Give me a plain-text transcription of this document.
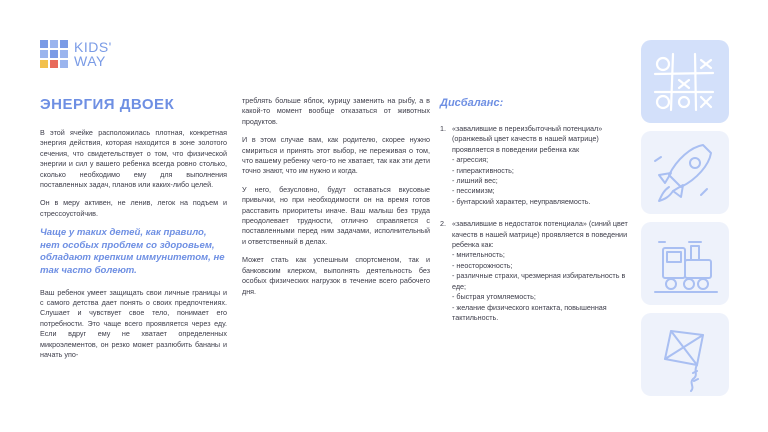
KIDS'
WAY
ЭНЕРГИЯ ДВОЕК

В этой ячейке расположилась плотная, конкретная энергия действия, которая находится в зоне золотого сечения, что свидетельствует о том, что физической энергии и сил у вашего ребенка всегда ровно столько, сколько необходимо ему для выполнения поставленных задач, планов или каких-либо целей.

Он в меру активен, не ленив, легок на подъем и стрессоустойчив.

Чаще у таких детей, как правило, нет особых проблем со здоровьем, обладают крепким иммунитетом, не так часто болеют.

Ваш ребенок умеет защищать свои личные границы и с самого детства дает понять о своих предпочтениях. Слушает и чувствует свое тело, понимает его потребности. Это чаще всего проявляется через еду. Если вдруг ему не хватает определенных микроэлементов, он резко может разлюбить бананы и начать упо-

треблять больше яблок, курицу заменить на рыбу, а в какой-то момент вообще отказаться от животных продуктов.

И в этом случае вам, как родителю, скорее нужно смириться и принять этот выбор, не переживая о том, что вашему ребенку чего-то не хватает, так как эти дети точно знают, что им нужно и когда.

У него, безусловно, будут оставаться вкусовые привычки, но при необходимости он на время готов расставить приоритеты иначе. Ваш малыш без труда преодолевает трудности, отлично справляется с поставленными перед ним задачами, исполнительный и ответственный в делах.

Может стать как успешным спортсменом, так и банковским клерком, выполнять деятельность без особых физических нагрузок в течение всего рабочего дня.

Дисбаланс:
1. «завалившие в переизбыточный потенциал» (оранжевый цвет качеств в нашей матрице) проявляется в поведении ребенка как
- агрессия;
- гиперактивность;
- лишний вес;
- пессимизм;
- бунтарский характер, неуправляемость.
2. «завалившие в недостаток потенциала» (синий цвет качеств в нашей матрице) проявляется в поведении ребенка как:
- мнительность;
- неосторожность;
- различные страхи, чрезмерная избирательность в еде;
- быстрая утомляемость;
- желание физического контакта, повышенная тактильность.
